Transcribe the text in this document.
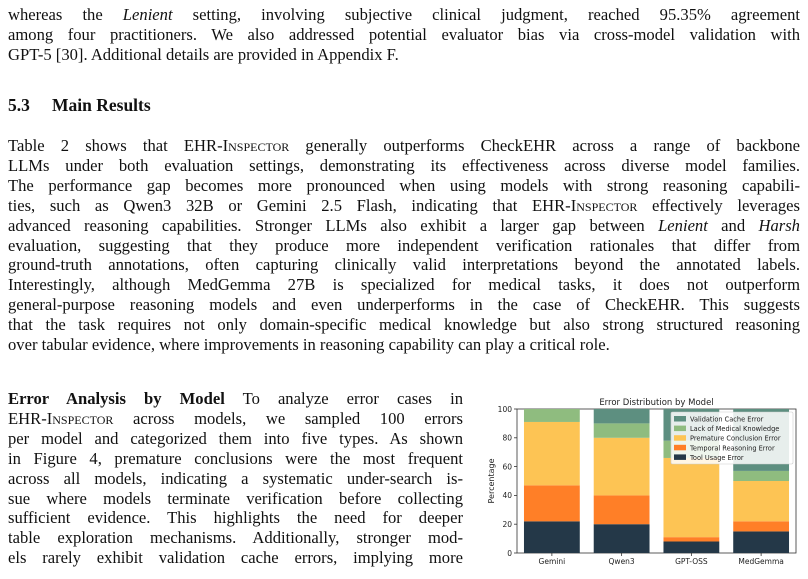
whereas the Lenient setting, involving subjective clinical judgment, reached 95.35% agreement
among four practitioners. We also addressed potential evaluator bias via cross-model validation with
GPT-5 [30]. Additional details are provided in Appendix F.
5.3 Main Results
Table 2 shows that EHR-Inspector generally outperforms CheckEHR across a range of backbone
LLMs under both evaluation settings, demonstrating its effectiveness across diverse model families.
The performance gap becomes more pronounced when using models with strong reasoning capabili-
ties, such as Qwen3 32B or Gemini 2.5 Flash, indicating that EHR-Inspector effectively leverages
advanced reasoning capabilities. Stronger LLMs also exhibit a larger gap between Lenient and Harsh
evaluation, suggesting that they produce more independent verification rationales that differ from
ground-truth annotations, often capturing clinically valid interpretations beyond the annotated labels.
Interestingly, although MedGemma 27B is specialized for medical tasks, it does not outperform
general-purpose reasoning models and even underperforms in the case of CheckEHR. This suggests
that the task requires not only domain-specific medical knowledge but also strong structured reasoning
over tabular evidence, where improvements in reasoning capability can play a critical role.
Error Analysis by Model To analyze error cases in
EHR-Inspector across models, we sampled 100 errors
per model and categorized them into five types. As shown
in Figure 4, premature conclusions were the most frequent
across all models, indicating a systematic under-search is-
sue where models terminate verification before collecting
sufficient evidence. This highlights the need for deeper
table exploration mechanisms. Additionally, stronger mod-
els rarely exhibit validation cache errors, implying more
Error Distribution by Model
0
20
40
60
80
100
Percentage
Gemini	Qwen3	GPT-OSS	MedGemma
Validation Cache Error
Lack of Medical Knowledge
Premature Conclusion Error
Temporal Reasoning Error
Tool Usage Error
